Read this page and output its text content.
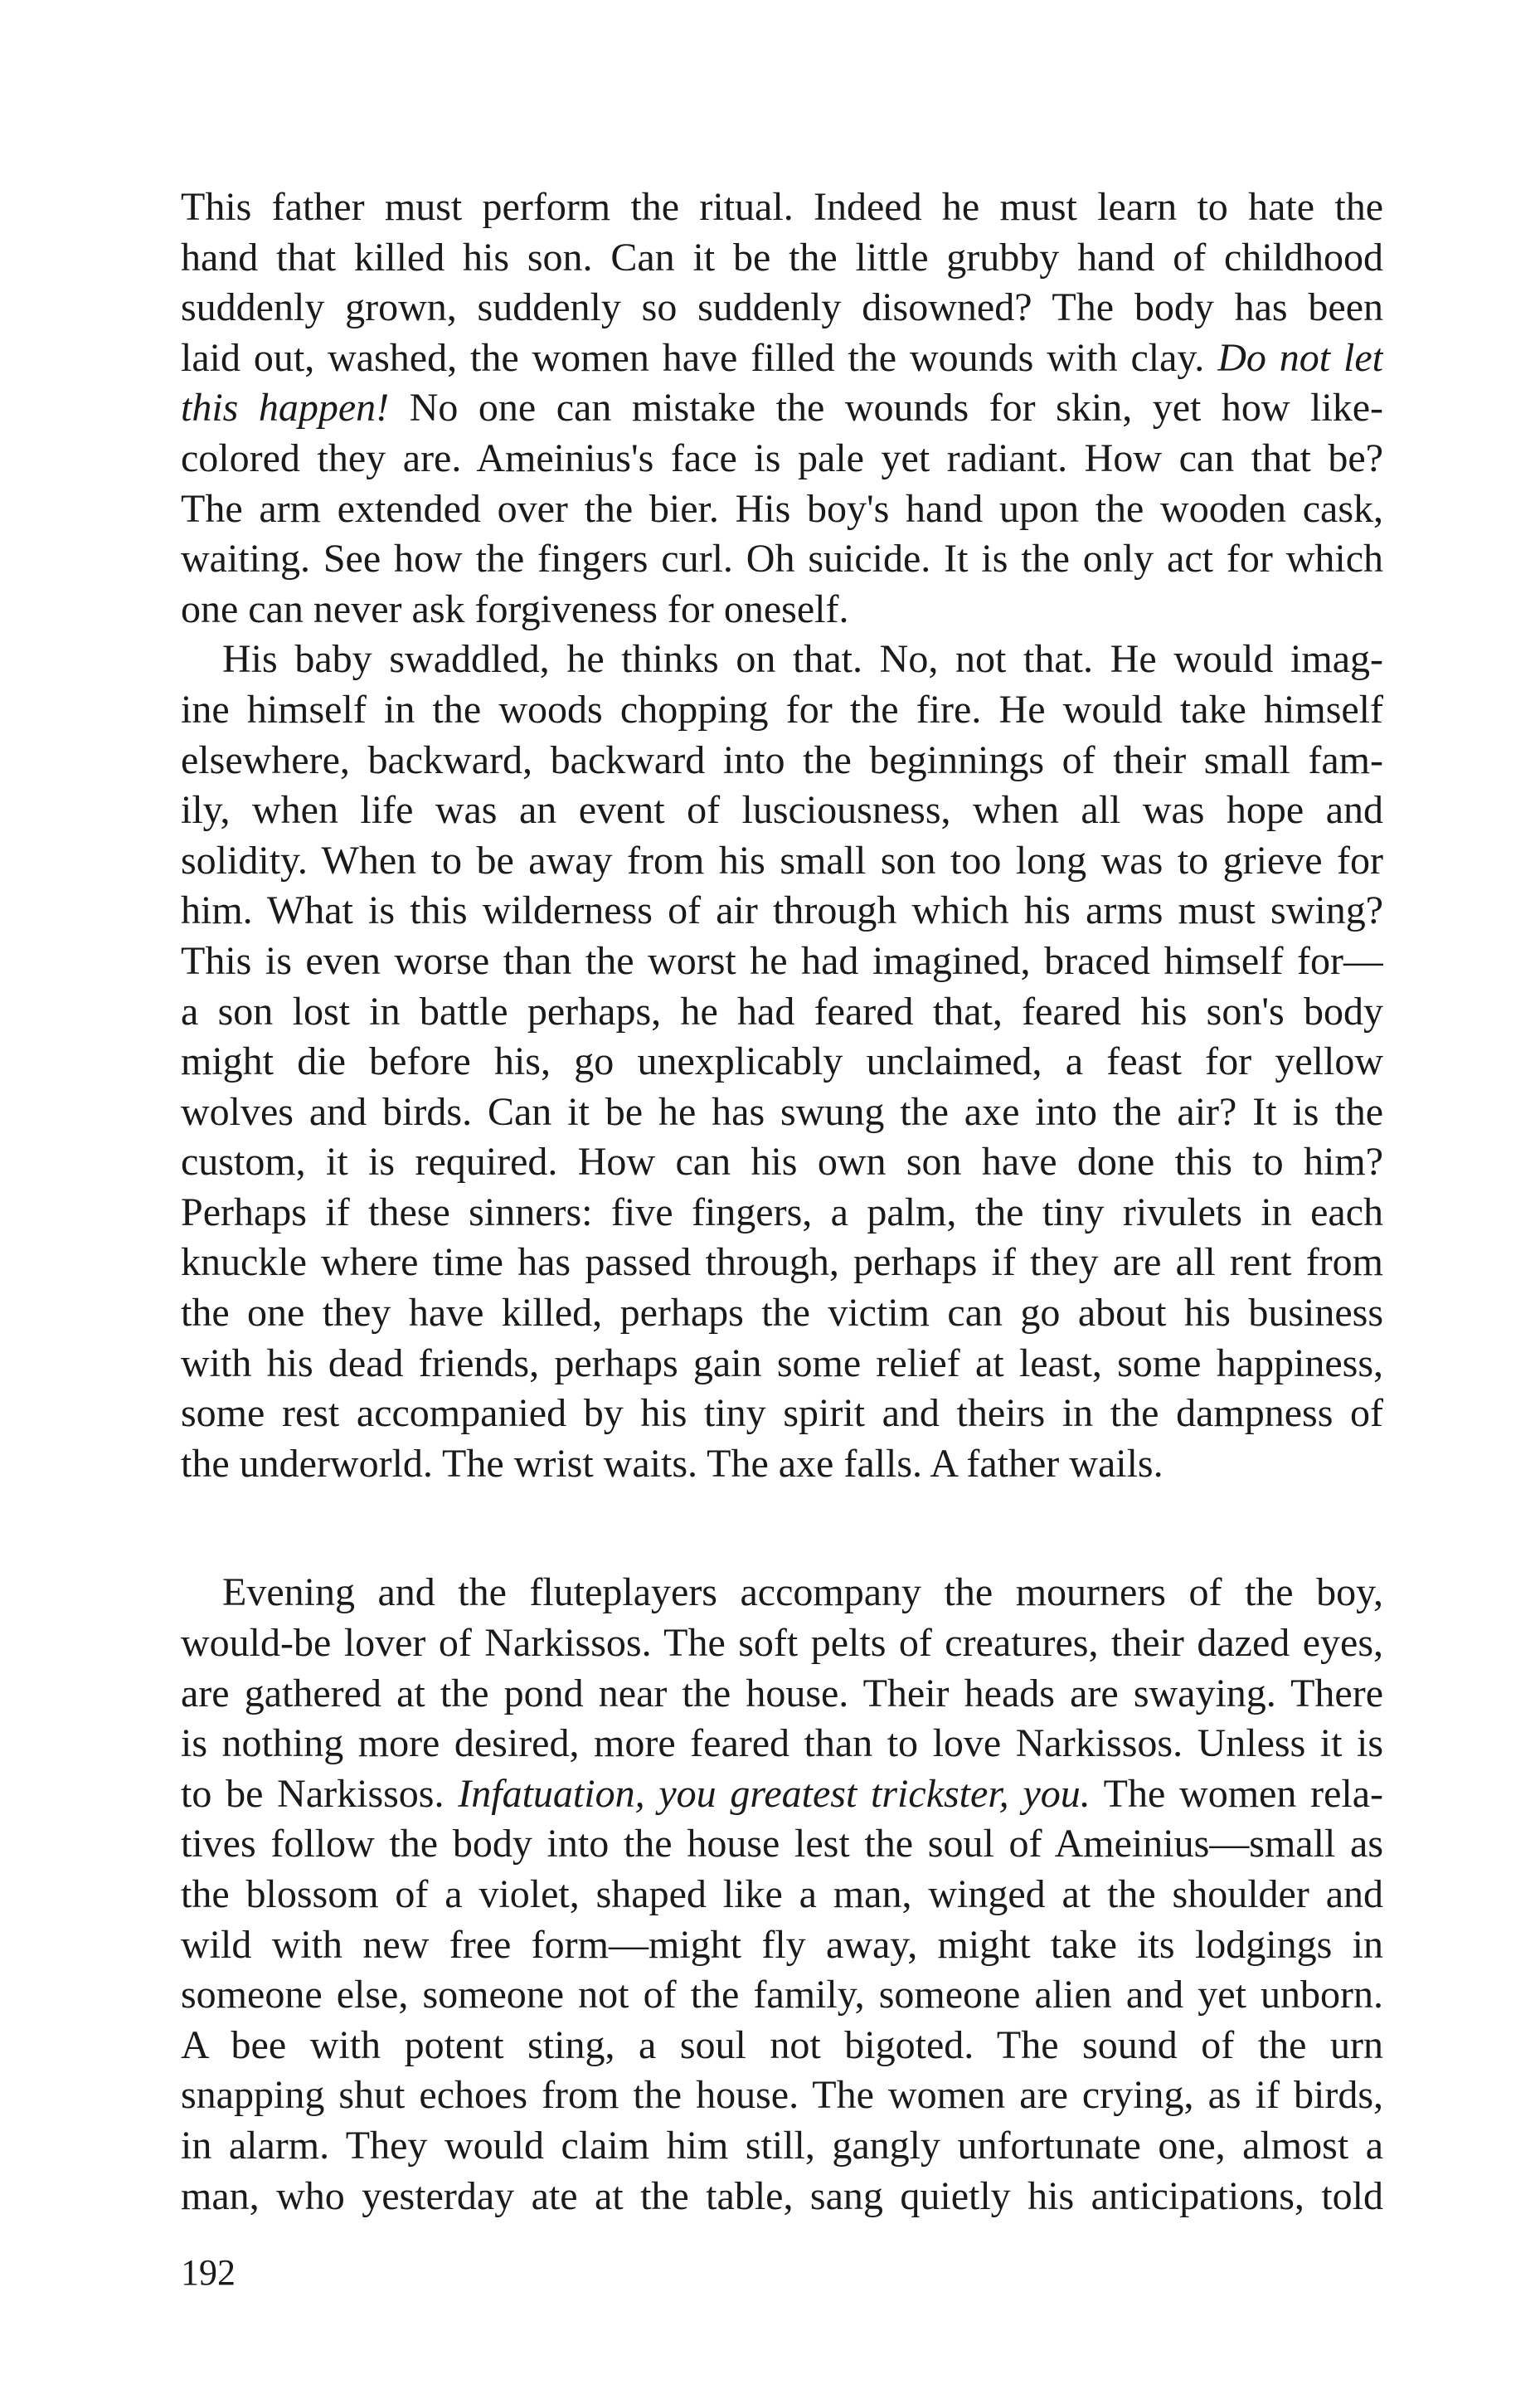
This father must perform the ritual. Indeed he must learn to hate the
hand that killed his son. Can it be the little grubby hand of childhood
suddenly grown, suddenly so suddenly disowned? The body has been
laid out, washed, the women have filled the wounds with clay. Do not let
this happen! No one can mistake the wounds for skin, yet how like-
colored they are. Ameinius's face is pale yet radiant. How can that be?
The arm extended over the bier. His boy's hand upon the wooden cask,
waiting. See how the fingers curl. Oh suicide. It is the only act for which
one can never ask forgiveness for oneself.
His baby swaddled, he thinks on that. No, not that. He would imag-
ine himself in the woods chopping for the fire. He would take himself
elsewhere, backward, backward into the beginnings of their small fam-
ily, when life was an event of lusciousness, when all was hope and
solidity. When to be away from his small son too long was to grieve for
him. What is this wilderness of air through which his arms must swing?
This is even worse than the worst he had imagined, braced himself for—
a son lost in battle perhaps, he had feared that, feared his son's body
might die before his, go unexplicably unclaimed, a feast for yellow
wolves and birds. Can it be he has swung the axe into the air? It is the
custom, it is required. How can his own son have done this to him?
Perhaps if these sinners: five fingers, a palm, the tiny rivulets in each
knuckle where time has passed through, perhaps if they are all rent from
the one they have killed, perhaps the victim can go about his business
with his dead friends, perhaps gain some relief at least, some happiness,
some rest accompanied by his tiny spirit and theirs in the dampness of
the underworld. The wrist waits. The axe falls. A father wails.
Evening and the fluteplayers accompany the mourners of the boy,
would-be lover of Narkissos. The soft pelts of creatures, their dazed eyes,
are gathered at the pond near the house. Their heads are swaying. There
is nothing more desired, more feared than to love Narkissos. Unless it is
to be Narkissos. Infatuation, you greatest trickster, you. The women rela-
tives follow the body into the house lest the soul of Ameinius—small as
the blossom of a violet, shaped like a man, winged at the shoulder and
wild with new free form—might fly away, might take its lodgings in
someone else, someone not of the family, someone alien and yet unborn.
A bee with potent sting, a soul not bigoted. The sound of the urn
snapping shut echoes from the house. The women are crying, as if birds,
in alarm. They would claim him still, gangly unfortunate one, almost a
man, who yesterday ate at the table, sang quietly his anticipations, told
192
